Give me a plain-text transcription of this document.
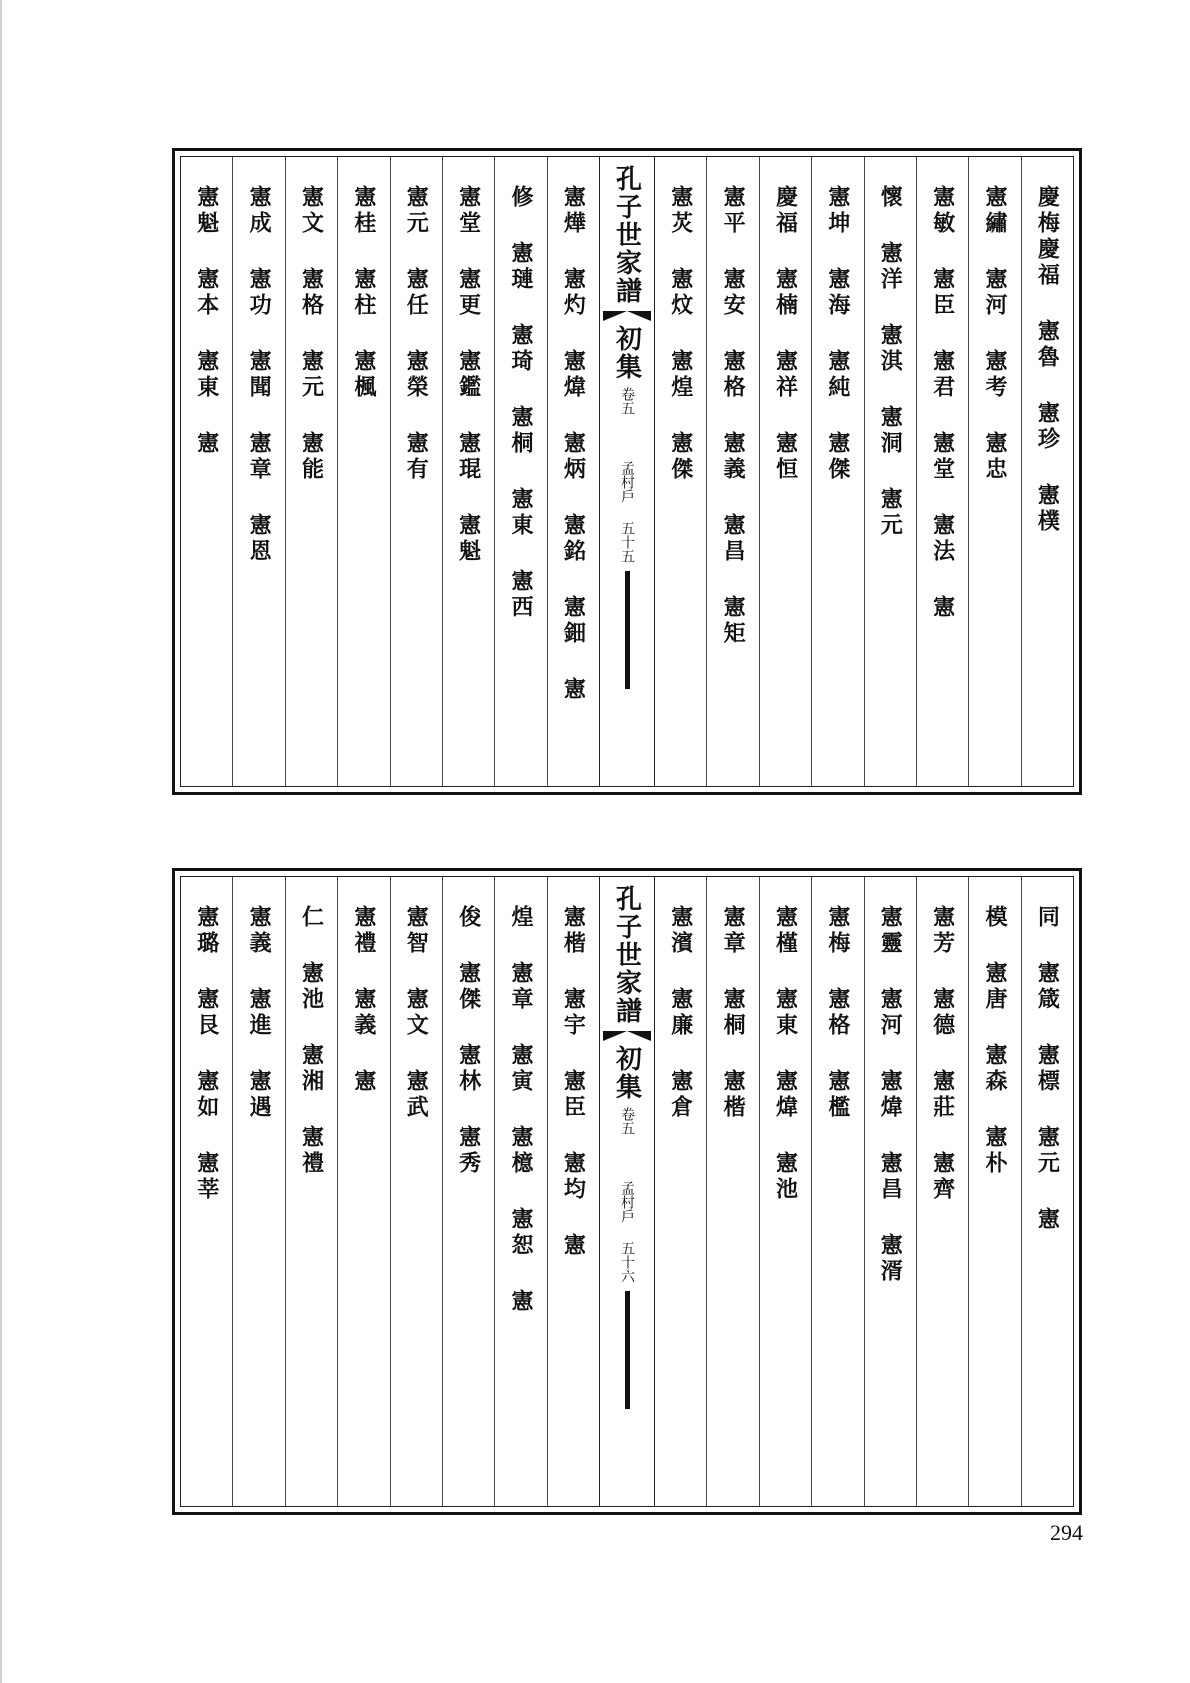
憲魁 憲本 憲東 憲 憲成 憲功 憲聞 憲章 憲恩 憲文 憲格 憲元 憲能 憲桂 憲柱 憲楓 憲元 憲任 憲榮 憲有 憲堂 憲更 憲鑑 憲琨 憲魁 修 憲璉 憲琦 憲桐 憲東 憲西 憲燁 憲灼 憲煒 憲炳 憲銘 憲鈿 憲 孔子世家譜
初集
卷五
孟村戶
五十五
憲炗 憲炆 憲煌 憲傑 憲平 憲安 憲格 憲義 憲昌 憲矩 慶福 憲楠 憲祥 憲恒 憲坤 憲海 憲純 憲傑 懷 憲洋 憲淇 憲洞 憲元 憲敏 憲臣 憲君 憲堂 憲法 憲 憲繡 憲河 憲考 憲忠 慶梅慶福 憲魯 憲珍 憲樸
憲璐 憲艮 憲如 憲莘 憲義 憲進 憲遇 仁 憲池 憲湘 憲禮 憲禮 憲義 憲 憲智 憲文 憲武 俊 憲傑 憲林 憲秀 煌 憲章 憲寅 憲檍 憲恕 憲 憲楷 憲宇 憲臣 憲均 憲 孔子世家譜
初集
卷五
孟村戶
五十六
憲濱 憲廉 憲倉 憲章 憲桐 憲楷 憲槿 憲東 憲煒 憲池 憲梅 憲格 憲檻 憲靈 憲河 憲煒 憲昌 憲湑 憲芳 憲德 憲莊 憲齊 模 憲唐 憲森 憲朴 同 憲箴 憲標 憲元 憲
294
